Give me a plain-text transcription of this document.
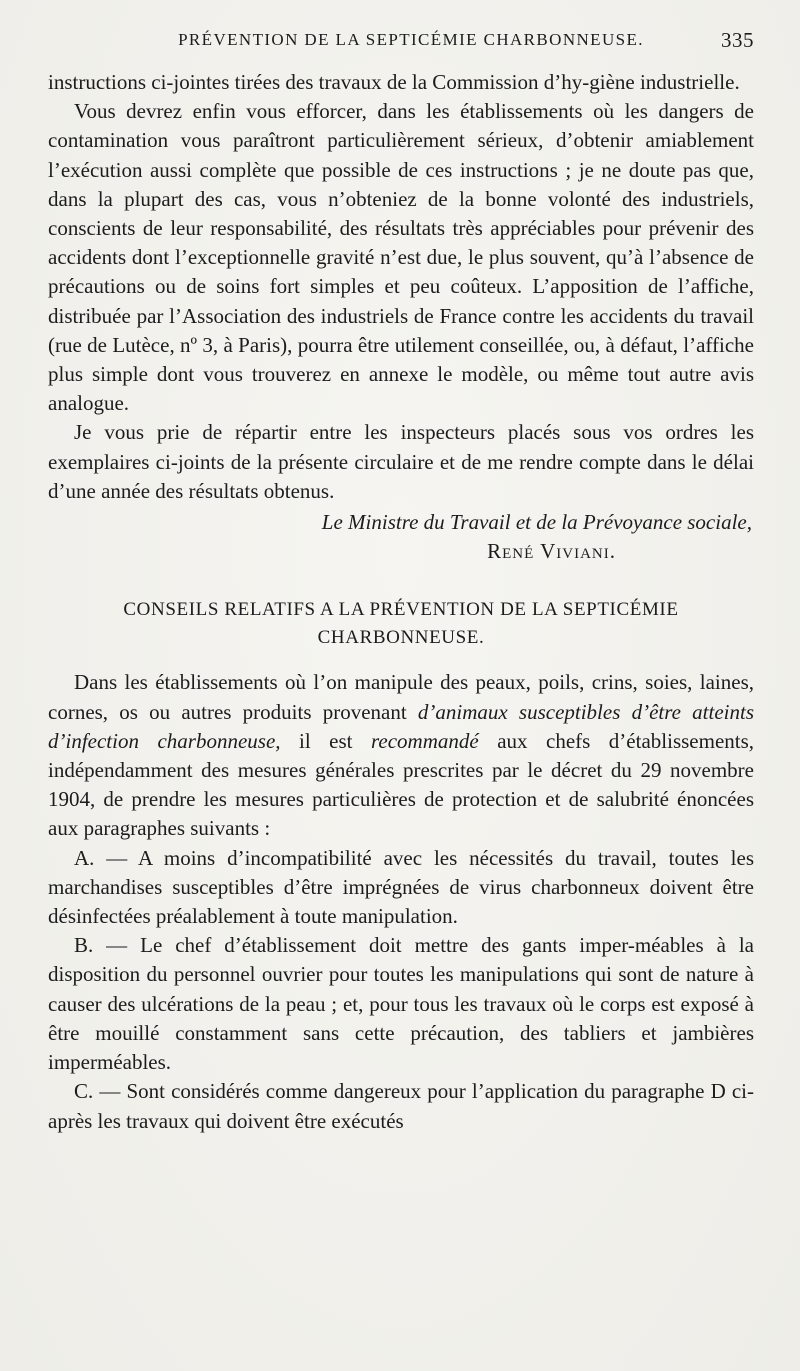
PRÉVENTION DE LA SEPTICÉMIE CHARBONNEUSE.	335

instructions ci-jointes tirées des travaux de la Commission d’hy-giène industrielle.

Vous devrez enfin vous efforcer, dans les établissements où les dangers de contamination vous paraîtront particulièrement sérieux, d’obtenir amiablement l’exécution aussi complète que possible de ces instructions ; je ne doute pas que, dans la plupart des cas, vous n’obteniez de la bonne volonté des industriels, conscients de leur responsabilité, des résultats très appréciables pour prévenir des accidents dont l’exceptionnelle gravité n’est due, le plus souvent, qu’à l’absence de précautions ou de soins fort simples et peu coûteux. L’apposition de l’affiche, distribuée par l’Association des industriels de France contre les accidents du travail (rue de Lutèce, nº 3, à Paris), pourra être utilement conseillée, ou, à défaut, l’affiche plus simple dont vous trouverez en annexe le modèle, ou même tout autre avis analogue.

Je vous prie de répartir entre les inspecteurs placés sous vos ordres les exemplaires ci-joints de la présente circulaire et de me rendre compte dans le délai d’une année des résultats obtenus.

Le Ministre du Travail et de la Prévoyance sociale,
René Viviani.
CONSEILS RELATIFS A LA PRÉVENTION DE LA SEPTICÉMIE
CHARBONNEUSE.

Dans les établissements où l’on manipule des peaux, poils, crins, soies, laines, cornes, os ou autres produits provenant d’animaux susceptibles d’être atteints d’infection charbonneuse, il est recommandé aux chefs d’établissements, indépendamment des mesures générales prescrites par le décret du 29 novembre 1904, de prendre les mesures particulières de protection et de salubrité énoncées aux paragraphes suivants :

A. — A moins d’incompatibilité avec les nécessités du travail, toutes les marchandises susceptibles d’être imprégnées de virus charbonneux doivent être désinfectées préalablement à toute manipulation.

B. — Le chef d’établissement doit mettre des gants imper-méables à la disposition du personnel ouvrier pour toutes les manipulations qui sont de nature à causer des ulcérations de la peau ; et, pour tous les travaux où le corps est exposé à être mouillé constamment sans cette précaution, des tabliers et jambières imperméables.

C. — Sont considérés comme dangereux pour l’application du paragraphe D ci-après les travaux qui doivent être exécutés
